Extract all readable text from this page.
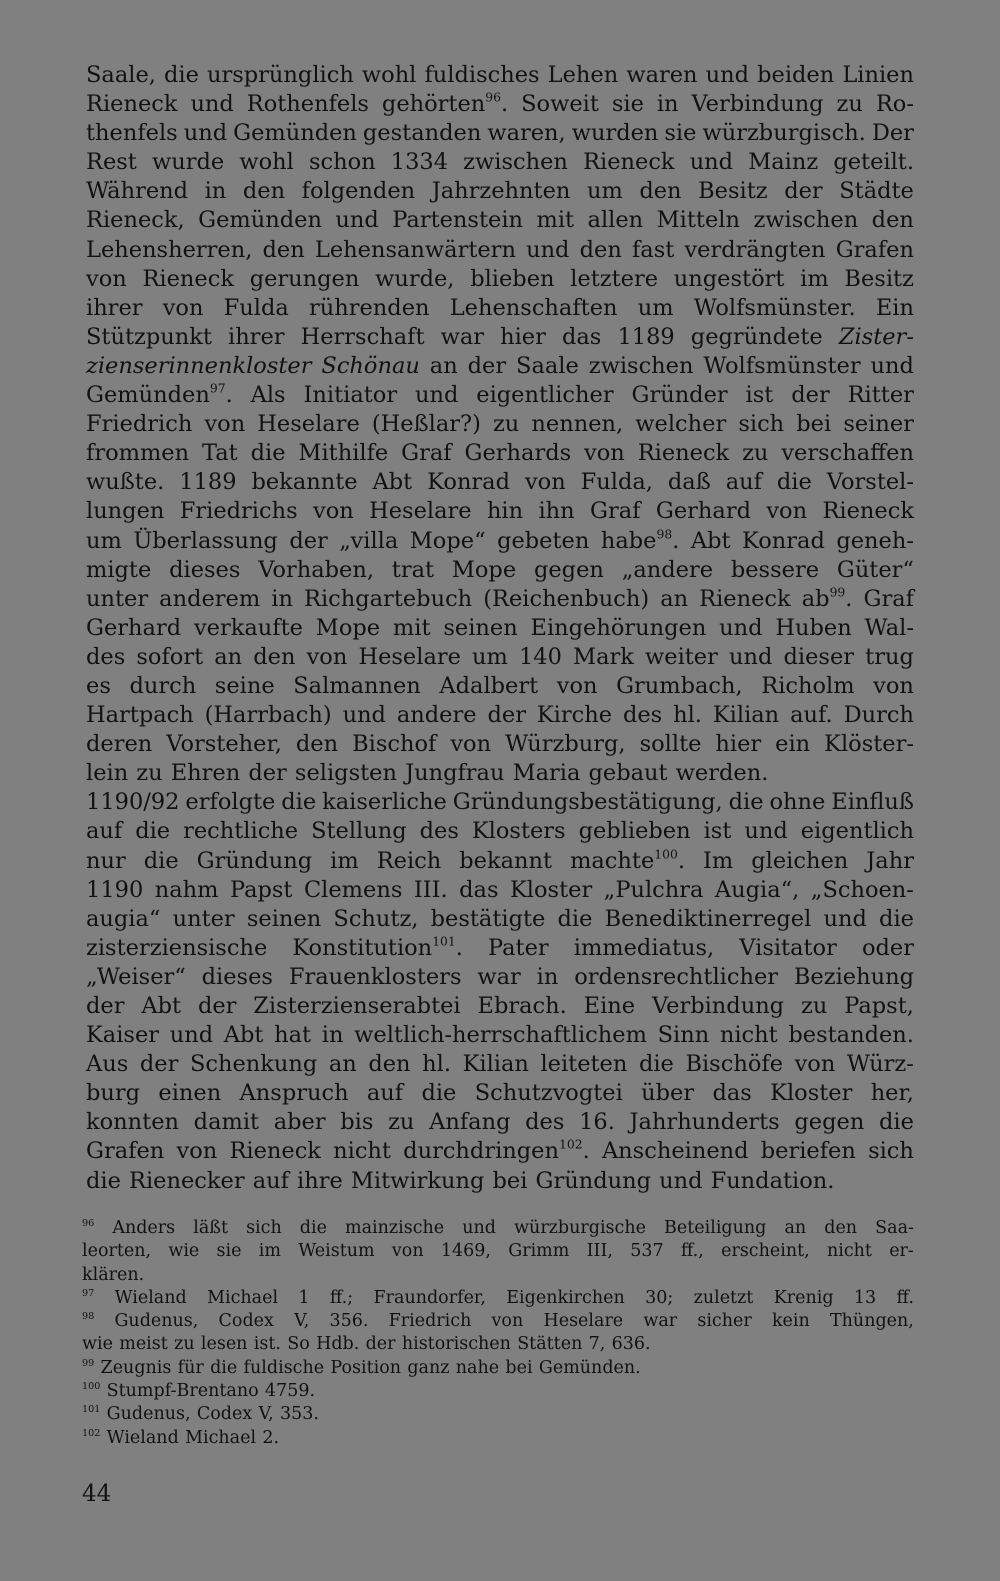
Saale, die ursprünglich wohl fuldisches Lehen waren und beiden Linien
Rieneck und Rothenfels gehörten$^{96}$. Soweit sie in Verbindung zu Ro-
thenfels und Gemünden gestanden waren, wurden sie würzburgisch. Der
Rest wurde wohl schon 1334 zwischen Rieneck und Mainz geteilt.
Während in den folgenden Jahrzehnten um den Besitz der Städte
Rieneck, Gemünden und Partenstein mit allen Mitteln zwischen den
Lehensherren, den Lehensanwärtern und den fast verdrängten Grafen
von Rieneck gerungen wurde, blieben letztere ungestört im Besitz
ihrer von Fulda rührenden Lehenschaften um Wolfsmünster. Ein
Stützpunkt ihrer Herrschaft war hier das 1189 gegründete Zister-
zienserinnenkloster Schönau an der Saale zwischen Wolfsmünster und
Gemünden$^{97}$. Als Initiator und eigentlicher Gründer ist der Ritter
Friedrich von Heselare (Heßlar?) zu nennen, welcher sich bei seiner
frommen Tat die Mithilfe Graf Gerhards von Rieneck zu verschaffen
wußte. 1189 bekannte Abt Konrad von Fulda, daß auf die Vorstel-
lungen Friedrichs von Heselare hin ihn Graf Gerhard von Rieneck
um Überlassung der „villa Mope“ gebeten habe$^{98}$. Abt Konrad geneh-
migte dieses Vorhaben, trat Mope gegen „andere bessere Güter“
unter anderem in Richgartebuch (Reichenbuch) an Rieneck $ab^{99}$. Graf
Gerhard verkaufte Mope mit seinen Eingehörungen und Huben Wal-
des sofort an den von Heselare um 140 Mark weiter und dieser trug
es durch seine Salmannen Adalbert von Grumbach, Richolm von
Hartpach (Harrbach) und andere der Kirche des hl. Kilian auf. Durch
deren Vorsteher, den Bischof von Würzburg, sollte hier ein Klöster-
lein zu Ehren der seligsten Jungfrau Maria gebaut werden.
1190/92 erfolgte die kaiserliche Gründungsbestätigung, die ohne Einfluß
auf die rechtliche Stellung des Klosters geblieben ist und eigentlich
nur die Gründung im Reich bekannt machte$^{100}$. Im gleichen Jahr
1190 nahm Papst Clemens III. das Kloster „Pulchra Augia“, „Schoen-
augia“ unter seinen Schutz, bestätigte die Benediktinerregel und die
zisterziensische Konstitution$^{101}$. Pater immediatus, Visitator oder
„Weiser“ dieses Frauenklosters war in ordensrechtlicher Beziehung
der Abt der Zisterzienserabtei Ebrach. Eine Verbindung zu Papst,
Kaiser und Abt hat in weltlich-herrschaftlichem Sinn nicht bestanden.
Aus der Schenkung an den hl. Kilian leiteten die Bischöfe von Würz-
burg einen Anspruch auf die Schutzvogtei über das Kloster her,
konnten damit aber bis zu Anfang des 16. Jahrhunderts gegen die
Grafen von Rieneck nicht durchdringen$^{102}$. Anscheinend beriefen sich
die Rienecker auf ihre Mitwirkung bei Gründung und Fundation.
$^{96}$ Anders läßt sich die mainzische und würzburgische Beteiligung an den Saa-
leorten, wie sie im Weistum von 1469, Grimm III, 537 ff., erscheint, nicht er-
klären.
$^{97}$ Wieland Michael 1 ff.; Fraundorfer, Eigenkirchen 30; zuletzt Krenig 13 ff.
$^{98}$ Gudenus, Codex V, 356. Friedrich von Heselare war sicher kein Thüngen,
wie meist zu lesen ist. So Hdb. der historischen Stätten 7, 636.
$^{99}$ Zeugnis für die fuldische Position ganz nahe bei Gemünden.
$^{100}$ Stumpf-Brentano 4759.
$^{101}$ Gudenus, Codex V, 353.
$^{102}$ Wieland Michael 2.
44
